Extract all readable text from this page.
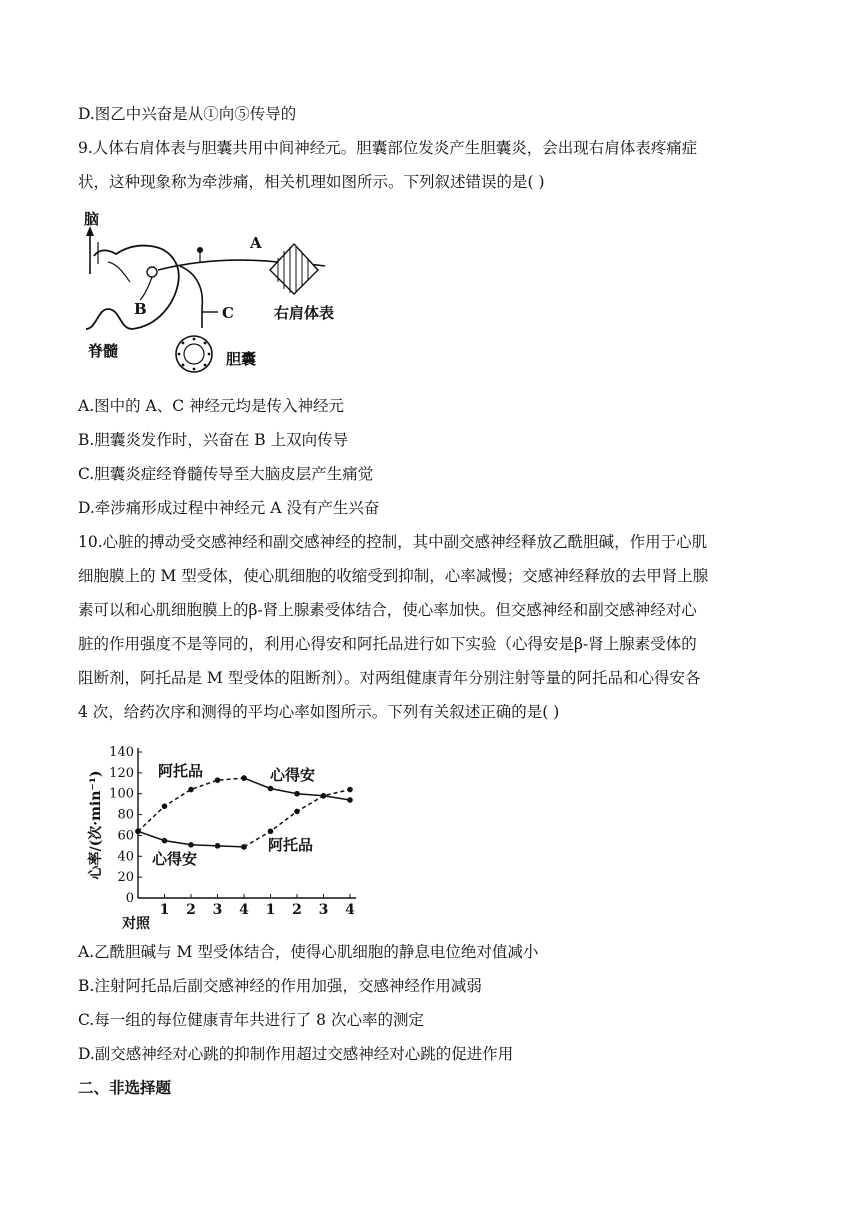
D.图乙中兴奋是从①向⑤传导的
9.人体右肩体表与胆囊共用中间神经元。胆囊部位发炎产生胆囊炎，会出现右肩体表疼痛症
状，这种现象称为牵涉痛，相关机理如图所示。下列叙述错误的是( )
脑
B
A
右肩体表
C
脊髓	胆囊
A.图中的 A、C 神经元均是传入神经元
B.胆囊炎发作时，兴奋在 B 上双向传导
C.胆囊炎症经脊髓传导至大脑皮层产生痛觉
D.牵涉痛形成过程中神经元 A 没有产生兴奋
10.心脏的搏动受交感神经和副交感神经的控制，其中副交感神经释放乙酰胆碱，作用于心肌
细胞膜上的 M 型受体，使心肌细胞的收缩受到抑制，心率减慢；交感神经释放的去甲肾上腺
素可以和心肌细胞膜上的β-肾上腺素受体结合，使心率加快。但交感神经和副交感神经对心
脏的作用强度不是等同的，利用心得安和阿托品进行如下实验（心得安是β-肾上腺素受体的
阻断剂，阿托品是 M 型受体的阻断剂）。对两组健康青年分别注射等量的阿托品和心得安各
4 次，给药次序和测得的平均心率如图所示。下列有关叙述正确的是( )
0
20
40
60
80
100
120
140
对照
1 2 3 4 1 2 3 4
心率/(次·min⁻¹)	阿托品	心得安
心得安
阿托品
A.乙酰胆碱与 M 型受体结合，使得心肌细胞的静息电位绝对值减小
B.注射阿托品后副交感神经的作用加强，交感神经作用减弱
C.每一组的每位健康青年共进行了 8 次心率的测定
D.副交感神经对心跳的抑制作用超过交感神经对心跳的促进作用
二、非选择题
